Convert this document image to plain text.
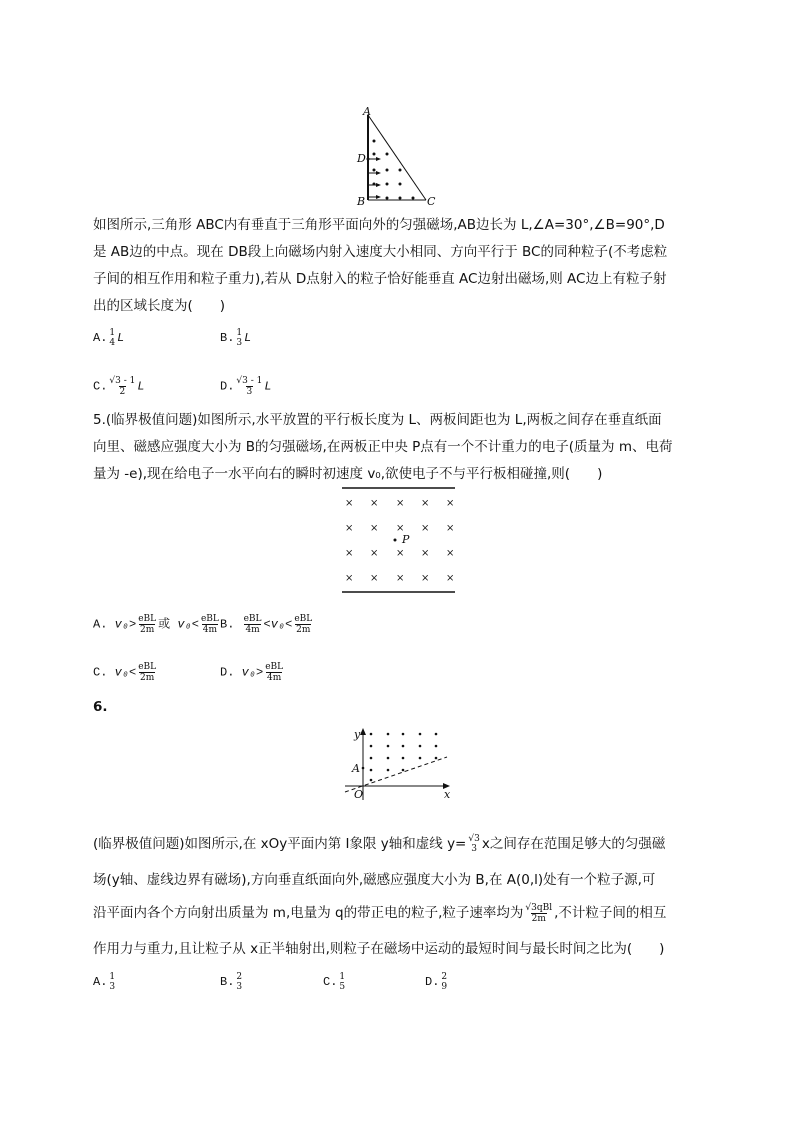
A
D
B	C
× × × × ×
× × × × ×
× × × × ×
× × × × ×
P
y
x
A
O
如图所示,三角形 ABC内有垂直于三角形平面向外的匀强磁场,AB边长为 L,∠A=30°,∠B=90°,D
是 AB边的中点。现在 DB段上向磁场内射入速度大小相同、方向平行于 BC的同种粒子(不考虑粒
子间的相互作用和粒子重力),若从 D点射入的粒子恰好能垂直 AC边射出磁场,则 AC边上有粒子射
出的区域长度为(　　)
A. 1
4 L	B. 1
3 L
C. $\frac{√3 - 1}{2}$ L	D. $\frac{√3 - 1}{3}$ L
5.(临界极值问题)如图所示,水平放置的平行板长度为 L、两板间距也为 L,两板之间存在垂直纸面
向里、磁感应强度大小为 B的匀强磁场,在两板正中央 P点有一个不计重力的电子(质量为 m、电荷
量为 -e),现在给电子一水平向右的瞬时初速度 v₀,欲使电子不与平行板相碰撞,则(　　)
A. $v_0> \frac{\text{eBL}}{2m}$ 或 $v_0< \frac{\text{eBL}}{4m} B$. $\frac{\text{eBL}}{4m} <v_0< \frac{\text{eBL}}{2m}$
C. $v_0< \frac{\text{eBL}}{2m}$	D. $v_0> \frac{\text{eBL}}{4m}$
6.
(临界极值问题)如图所示,在 xOy平面内第 I象限 y轴和虚线 y= √3
3 x之间存在范围足够大的匀强磁
场(y轴、虚线边界有磁场),方向垂直纸面向外,磁感应强度大小为 B,在 A(0,l)处有一个粒子源,可
沿平面内各个方向射出质量为 m,电量为 q的带正电的粒子,粒子速率均为 $\frac{\text{√3qBl}}{2m}$ ,不计粒子间的相互
作用力与重力,且让粒子从 x正半轴射出,则粒子在磁场中运动的最短时间与最长时间之比为(　　)
A. 1
3	B. 2
3	C. 1
5	D. 2
9
